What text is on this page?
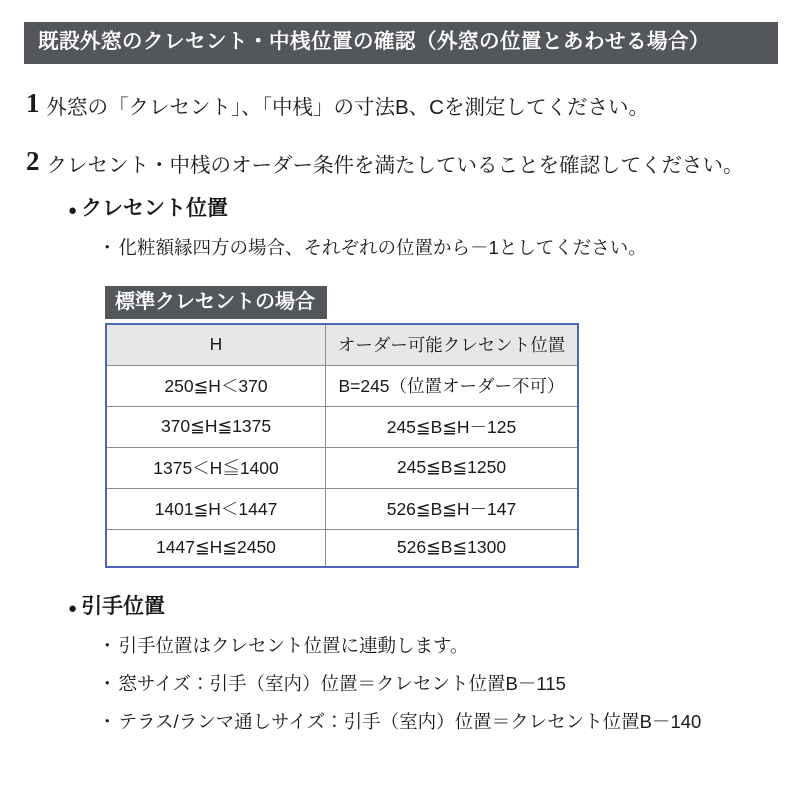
既設外窓のクレセント・中桟位置の確認（外窓の位置とあわせる場合）
1 外窓の「クレセント」、「中桟」の寸法B、Cを測定してください。
2 クレセント・中桟のオーダー条件を満たしていることを確認してください。
● クレセント位置
・ 化粧額縁四方の場合、それぞれの位置から－1としてください。
標準クレセントの場合
H	オーダー可能クレセント位置
250≦H＜370	B=245（位置オーダー不可）
370≦H≦1375	245≦B≦H－125
1375＜H≦1400	245≦B≦1250
1401≦H＜1447	526≦B≦H－147
1447≦H≦2450	526≦B≦1300
● 引手位置
・ 引手位置はクレセント位置に連動します。
・ 窓サイズ：引手（室内）位置＝クレセント位置B－115
・ テラス/ランマ通しサイズ：引手（室内）位置＝クレセント位置B－140
